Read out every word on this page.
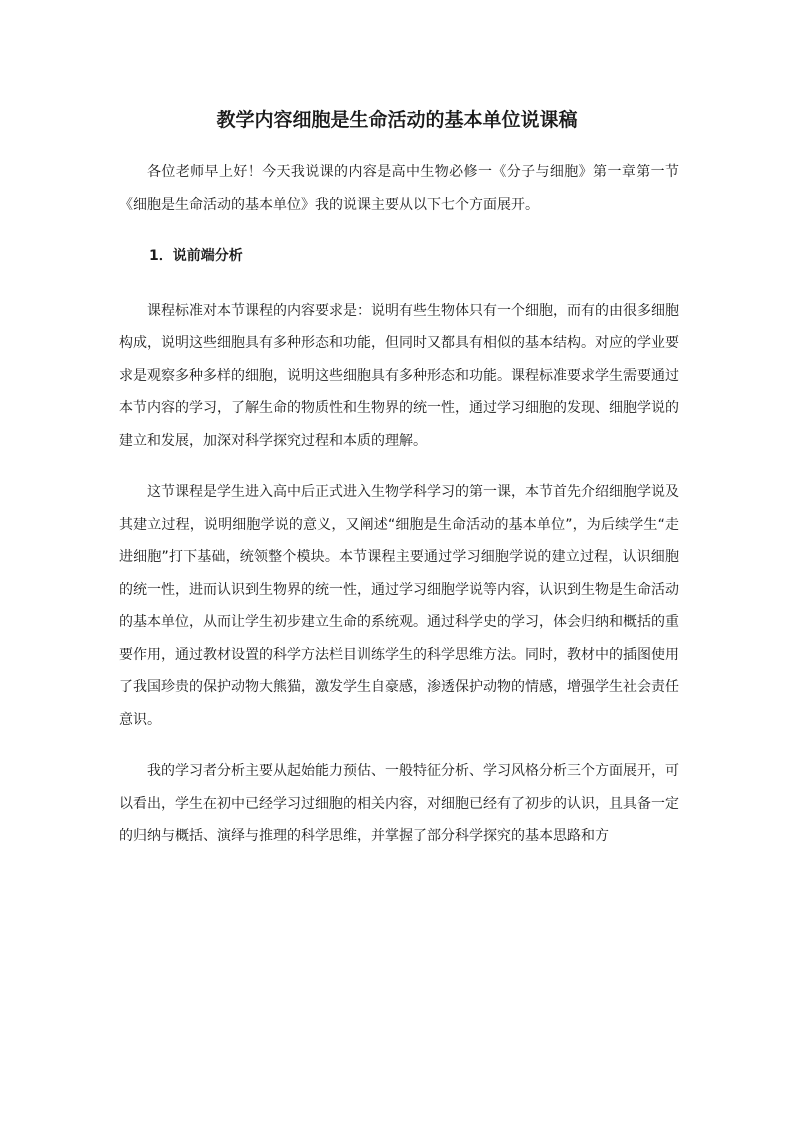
教学内容细胞是生命活动的基本单位说课稿

各位老师早上好！今天我说课的内容是高中生物必修一《分子与细胞》第一章第一节《细胞是生命活动的基本单位》我的说课主要从以下七个方面展开。

1．说前端分析

课程标准对本节课程的内容要求是：说明有些生物体只有一个细胞，而有的由很多细胞构成，说明这些细胞具有多种形态和功能，但同时又都具有相似的基本结构。对应的学业要求是观察多种多样的细胞，说明这些细胞具有多种形态和功能。课程标准要求学生需要通过本节内容的学习，了解生命的物质性和生物界的统一性，通过学习细胞的发现、细胞学说的建立和发展，加深对科学探究过程和本质的理解。

这节课程是学生进入高中后正式进入生物学科学习的第一课，本节首先介绍细胞学说及其建立过程，说明细胞学说的意义，又阐述“细胞是生命活动的基本单位”，为后续学生“走进细胞”打下基础，统领整个模块。本节课程主要通过学习细胞学说的建立过程，认识细胞的统一性，进而认识到生物界的统一性，通过学习细胞学说等内容，认识到生物是生命活动的基本单位，从而让学生初步建立生命的系统观。通过科学史的学习，体会归纳和概括的重要作用，通过教材设置的科学方法栏目训练学生的科学思维方法。同时，教材中的插图使用了我国珍贵的保护动物大熊猫，激发学生自豪感，渗透保护动物的情感，增强学生社会责任意识。

我的学习者分析主要从起始能力预估、一般特征分析、学习风格分析三个方面展开，可以看出，学生在初中已经学习过细胞的相关内容，对细胞已经有了初步的认识，且具备一定的归纳与概括、演绎与推理的科学思维，并掌握了部分科学探究的基本思路和方
